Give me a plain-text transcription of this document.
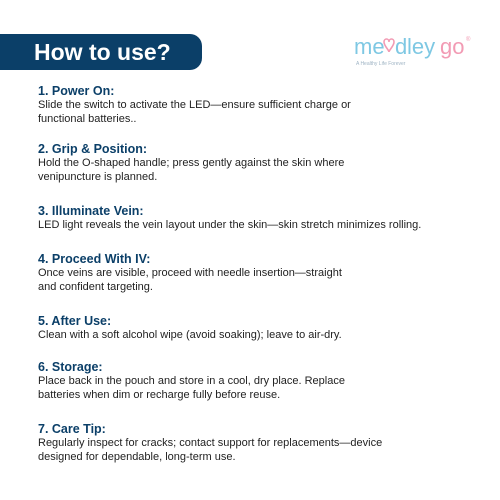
How to use?	me d ley go ®
A Healthy Life Forever
1. Power On:
Slide the switch to activate the LED—ensure sufficient charge or
functional batteries..
2. Grip & Position:
Hold the O-shaped handle; press gently against the skin where
venipuncture is planned.
3. Illuminate Vein:
LED light reveals the vein layout under the skin—skin stretch minimizes rolling.
4. Proceed With IV:
Once veins are visible, proceed with needle insertion—straight
and confident targeting.
5. After Use:
Clean with a soft alcohol wipe (avoid soaking); leave to air-dry.
6. Storage:
Place back in the pouch and store in a cool, dry place. Replace
batteries when dim or recharge fully before reuse.
7. Care Tip:
Regularly inspect for cracks; contact support for replacements—device
designed for dependable, long-term use.
